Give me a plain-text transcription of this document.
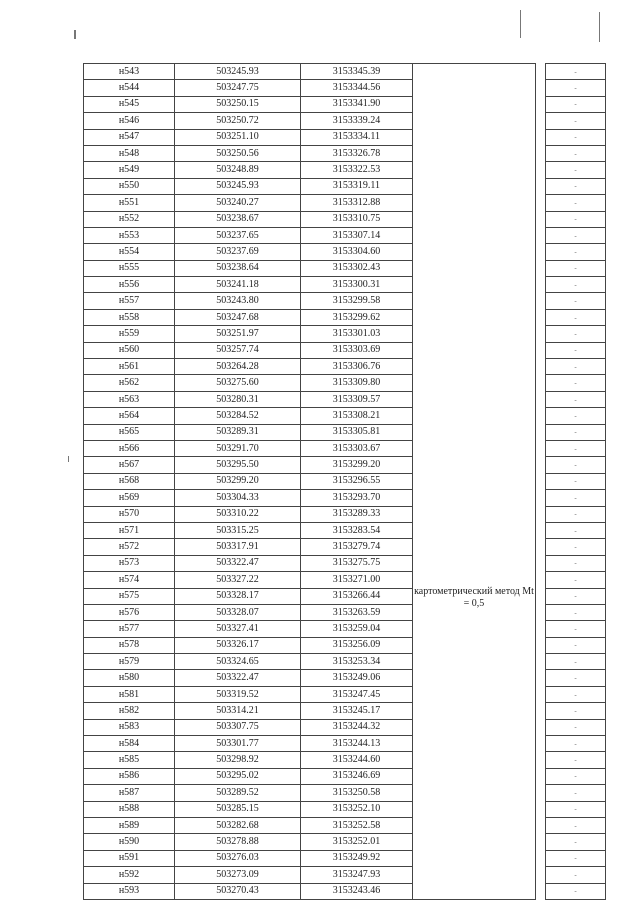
н543	503245.93	3153345.39	картометрический метод Mt = 0,5		-
н544	503247.75	3153344.56			-
н545	503250.15	3153341.90			-
н546	503250.72	3153339.24			-
н547	503251.10	3153334.11			-
н548	503250.56	3153326.78			-
н549	503248.89	3153322.53			-
н550	503245.93	3153319.11			-
н551	503240.27	3153312.88			-
н552	503238.67	3153310.75			-
н553	503237.65	3153307.14			-
н554	503237.69	3153304.60			-
н555	503238.64	3153302.43			-
н556	503241.18	3153300.31			-
н557	503243.80	3153299.58			-
н558	503247.68	3153299.62			-
н559	503251.97	3153301.03			-
н560	503257.74	3153303.69			-
н561	503264.28	3153306.76			-
н562	503275.60	3153309.80			-
н563	503280.31	3153309.57			-
н564	503284.52	3153308.21			-
н565	503289.31	3153305.81			-
н566	503291.70	3153303.67			-
н567	503295.50	3153299.20			-
н568	503299.20	3153296.55			-
н569	503304.33	3153293.70			-
н570	503310.22	3153289.33			-
н571	503315.25	3153283.54			-
н572	503317.91	3153279.74			-
н573	503322.47	3153275.75			-
н574	503327.22	3153271.00			-
н575	503328.17	3153266.44			-
н576	503328.07	3153263.59			-
н577	503327.41	3153259.04			-
н578	503326.17	3153256.09			-
н579	503324.65	3153253.34			-
н580	503322.47	3153249.06			-
н581	503319.52	3153247.45			-
н582	503314.21	3153245.17			-
н583	503307.75	3153244.32			-
н584	503301.77	3153244.13			-
н585	503298.92	3153244.60			-
н586	503295.02	3153246.69			-
н587	503289.52	3153250.58			-
н588	503285.15	3153252.10			-
н589	503282.68	3153252.58			-
н590	503278.88	3153252.01			-
н591	503276.03	3153249.92			-
н592	503273.09	3153247.93			-
н593	503270.43	3153243.46			-
